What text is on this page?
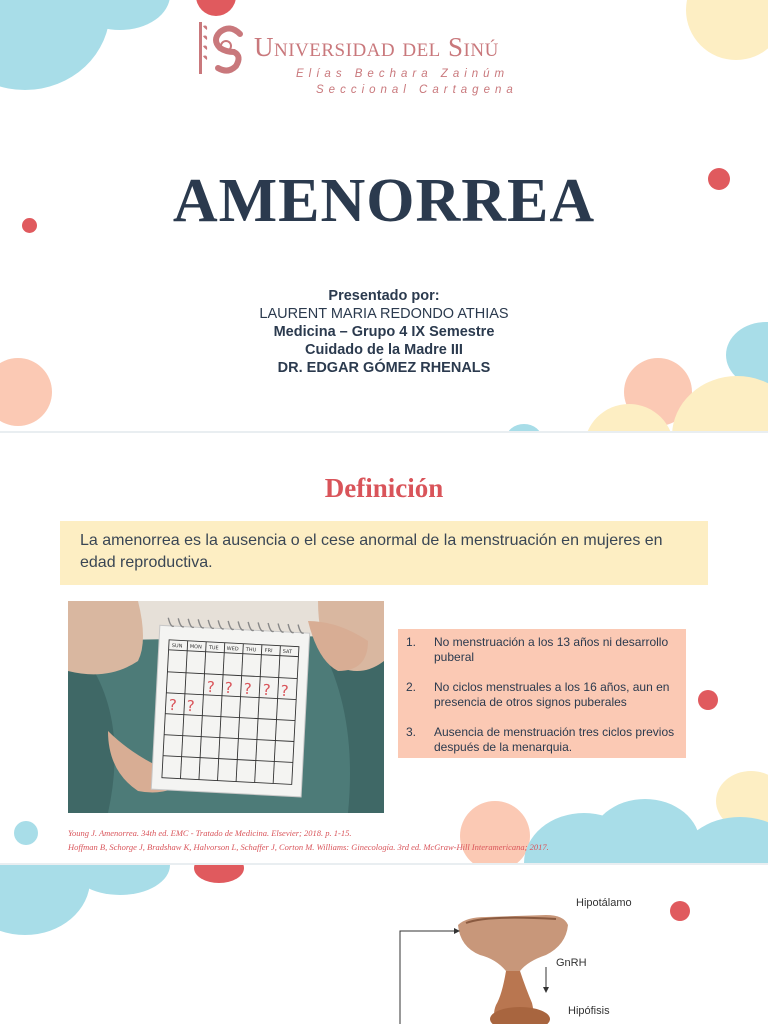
Universidad del Sinú
Elías Bechara Zainúm
Seccional Cartagena
AMENORREA
Presentado por:
LAURENT MARIA REDONDO ATHIAS
Medicina – Grupo 4 IX Semestre
Cuidado de la Madre III
DR. EDGAR GÓMEZ RHENALS
Definición
La amenorrea es la ausencia o el cese anormal de la menstruación en mujeres en edad reproductiva.
SUN MON TUE WED THU FRI SAT
? ? ? ? ?
? ?
1. No menstruación a los 13 años ni desarrollo puberal
2. No ciclos menstruales a los 16 años, aun en presencia de otros signos puberales
3. Ausencia de menstruación tres ciclos previos después de la menarquia.
Young J. Amenorrea. 34th ed. EMC - Tratado de Medicina. Elsevier; 2018. p. 1-15.
Hoffman B, Schorge J, Bradshaw K, Halvorson L, Schaffer J, Corton M. Williams: Ginecología. 3rd ed. McGraw-Hill Interamericana; 2017.
Hipotálamo
GnRH
Hipófisis
